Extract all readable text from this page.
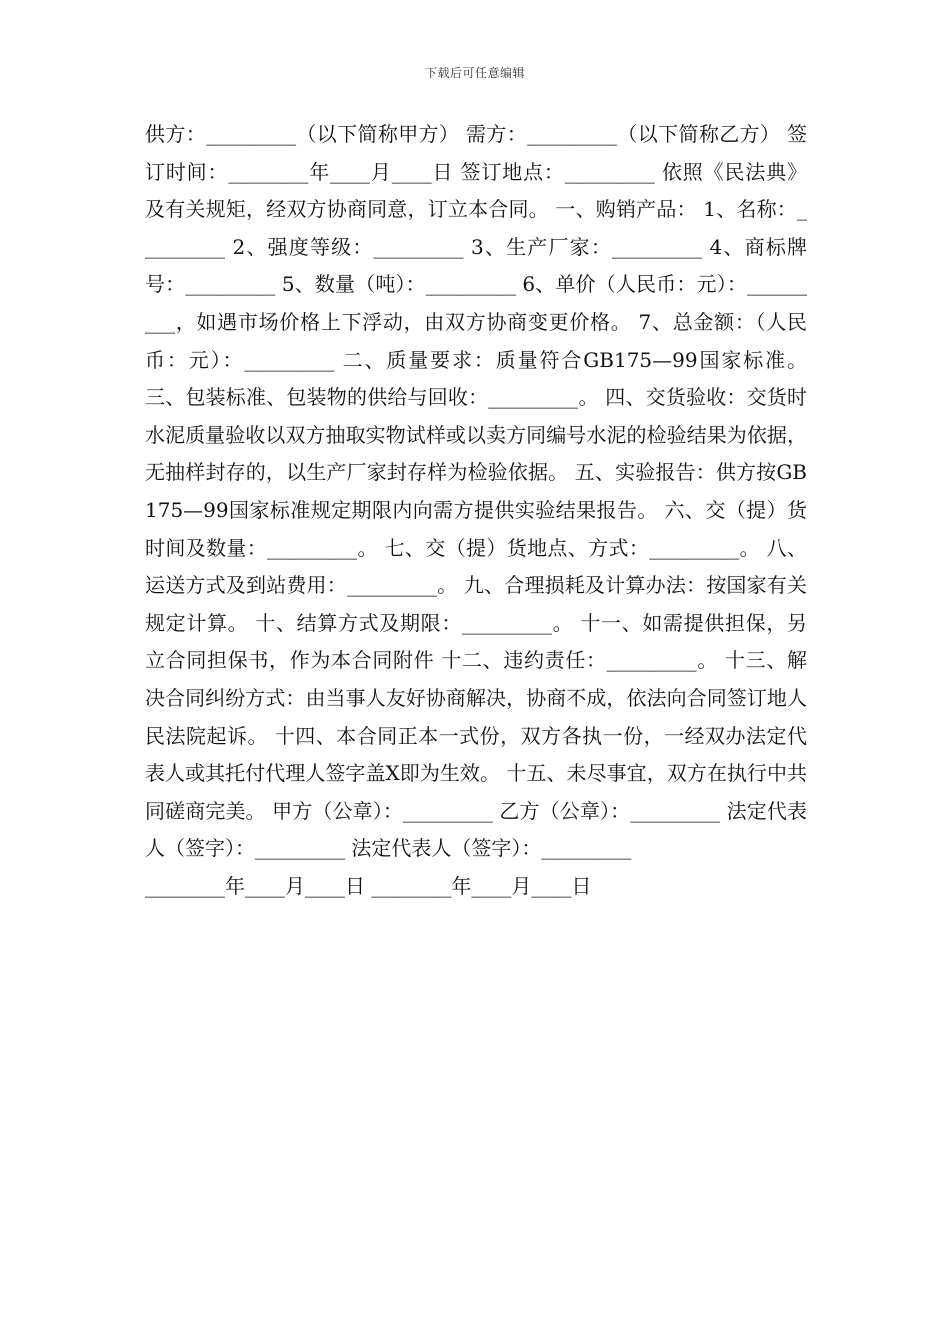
下载后可任意编辑
供方：_________（以下简称甲方） 需方：_________（以下简称乙方） 签订时间：________年____月____日 签订地点：_________ 依照《民法典》及有关规矩，经双方协商同意，订立本合同。 一、购销产品： 1、名称：_________ 2、强度等级：_________ 3、生产厂家：_________ 4、商标牌号：_________ 5、数量（吨）：_________ 6、单价（人民币：元）：_________，如遇市场价格上下浮动，由双方协商变更价格。 7、总金额：（人民币：元）：_________ 二、质量要求：质量符合GB175—99国家标准。 三、包装标准、包装物的供给与回收：_________。 四、交货验收：交货时水泥质量验收以双方抽取实物试样或以卖方同编号水泥的检验结果为依据，无抽样封存的，以生产厂家封存样为检验依据。 五、实验报告：供方按GB175—99国家标准规定期限内向需方提供实验结果报告。 六、交（提）货时间及数量：_________。 七、交（提）货地点、方式：_________。 八、运送方式及到站费用：_________。 九、合理损耗及计算办法：按国家有关规定计算。 十、结算方式及期限：_________。 十一、如需提供担保，另立合同担保书，作为本合同附件 十二、违约责任：_________。 十三、解决合同纠纷方式：由当事人友好协商解决，协商不成，依法向合同签订地人民法院起诉。 十四、本合同正本一式份，双方各执一份，一经双办法定代表人或其托付代理人签字盖X即为生效。 十五、未尽事宜，双方在执行中共同磋商完美。 甲方（公章）：_________ 乙方（公章）：_________ 法定代表人（签字）：_________ 法定代表人（签字）：_________
________年____月____日 ________年____月____日
